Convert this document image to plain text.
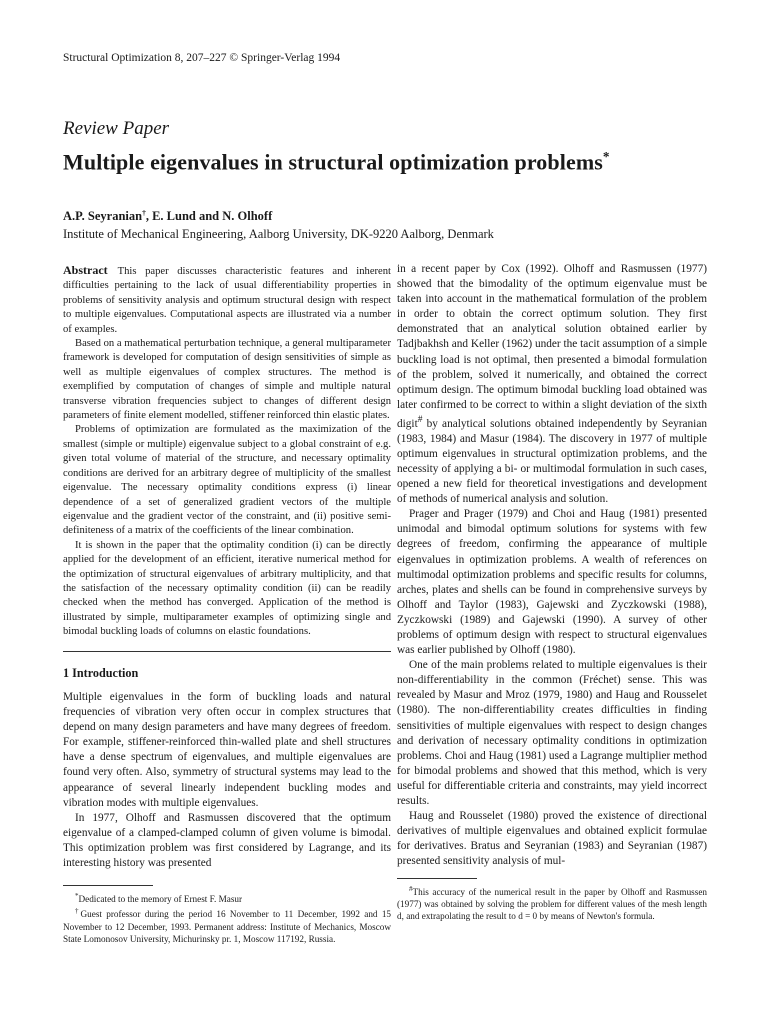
Structural Optimization 8, 207–227 © Springer-Verlag 1994
Review Paper
Multiple eigenvalues in structural optimization problems*
A.P. Seyranian†, E. Lund and N. Olhoff
Institute of Mechanical Engineering, Aalborg University, DK-9220 Aalborg, Denmark

Abstract This paper discusses characteristic features and inherent difficulties pertaining to the lack of usual differentiability properties in problems of sensitivity analysis and optimum structural design with respect to multiple eigenvalues. Computational aspects are illustrated via a number of examples.

Based on a mathematical perturbation technique, a general multiparameter framework is developed for computation of design sensitivities of simple as well as multiple eigenvalues of complex structures. The method is exemplified by computation of changes of simple and multiple natural transverse vibration frequencies subject to changes of different design parameters of finite element modelled, stiffener reinforced thin elastic plates.

Problems of optimization are formulated as the maximization of the smallest (simple or multiple) eigenvalue subject to a global constraint of e.g. given total volume of material of the structure, and necessary optimality conditions are derived for an arbitrary degree of multiplicity of the smallest eigenvalue. The necessary optimality conditions express (i) linear dependence of a set of generalized gradient vectors of the multiple eigenvalue and the gradient vector of the constraint, and (ii) positive semi-definiteness of a matrix of the coefficients of the linear combination.

It is shown in the paper that the optimality condition (i) can be directly applied for the development of an efficient, iterative numerical method for the optimization of structural eigenvalues of arbitrary multiplicity, and that the satisfaction of the necessary optimality condition (ii) can be readily checked when the method has converged. Application of the method is illustrated by simple, multiparameter examples of optimizing single and bimodal buckling loads of columns on elastic foundations.

1 Introduction

Multiple eigenvalues in the form of buckling loads and natural frequencies of vibration very often occur in complex structures that depend on many design parameters and have many degrees of freedom. For example, stiffener-reinforced thin-walled plate and shell structures have a dense spectrum of eigenvalues, and multiple eigenvalues are found very often. Also, symmetry of structural systems may lead to the appearance of several linearly independent buckling modes and vibration modes with multiple eigenvalues.

In 1977, Olhoff and Rasmussen discovered that the optimum eigenvalue of a clamped-clamped column of given volume is bimodal. This optimization problem was first considered by Lagrange, and its interesting history was presented

*Dedicated to the memory of Ernest F. Masur

†Guest professor during the period 16 November to 11 December, 1992 and 15 November to 12 December, 1993. Permanent address: Institute of Mechanics, Moscow State Lomonosov University, Michurinsky pr. 1, Moscow 117192, Russia.

in a recent paper by Cox (1992). Olhoff and Rasmussen (1977) showed that the bimodality of the optimum eigenvalue must be taken into account in the mathematical formulation of the problem in order to obtain the correct optimum solution. They first demonstrated that an analytical solution obtained earlier by Tadjbakhsh and Keller (1962) under the tacit assumption of a simple buckling load is not optimal, then presented a bimodal formulation of the problem, solved it numerically, and obtained the correct optimum design. The optimum bimodal buckling load obtained was later confirmed to be correct to within a slight deviation of the sixth digit# by analytical solutions obtained independently by Seyranian (1983, 1984) and Masur (1984). The discovery in 1977 of multiple optimum eigenvalues in structural optimization problems, and the necessity of applying a bi- or multimodal formulation in such cases, opened a new field for theoretical investigations and development of methods of numerical analysis and solution.

Prager and Prager (1979) and Choi and Haug (1981) presented unimodal and bimodal optimum solutions for systems with few degrees of freedom, confirming the appearance of multiple eigenvalues in optimization problems. A wealth of references on multimodal optimization problems and specific results for columns, arches, plates and shells can be found in comprehensive surveys by Olhoff and Taylor (1983), Gajewski and Zyczkowski (1988), Zyczkowski (1989) and Gajewski (1990). A survey of other problems of optimum design with respect to structural eigenvalues was earlier published by Olhoff (1980).

One of the main problems related to multiple eigenvalues is their non-differentiability in the common (Fréchet) sense. This was revealed by Masur and Mroz (1979, 1980) and Haug and Rousselet (1980). The non-differentiability creates difficulties in finding sensitivities of multiple eigenvalues with respect to design changes and derivation of necessary optimality conditions in optimization problems. Choi and Haug (1981) used a Lagrange multiplier method for bimodal problems and showed that this method, which is very useful for differentiable criteria and constraints, may yield incorrect results.

Haug and Rousselet (1980) proved the existence of directional derivatives of multiple eigenvalues and obtained explicit formulae for derivatives. Bratus and Seyranian (1983) and Seyranian (1987) presented sensitivity analysis of mul-

#This accuracy of the numerical result in the paper by Olhoff and Rasmussen (1977) was obtained by solving the problem for different values of the mesh length d, and extrapolating the result to d = 0 by means of Newton's formula.
